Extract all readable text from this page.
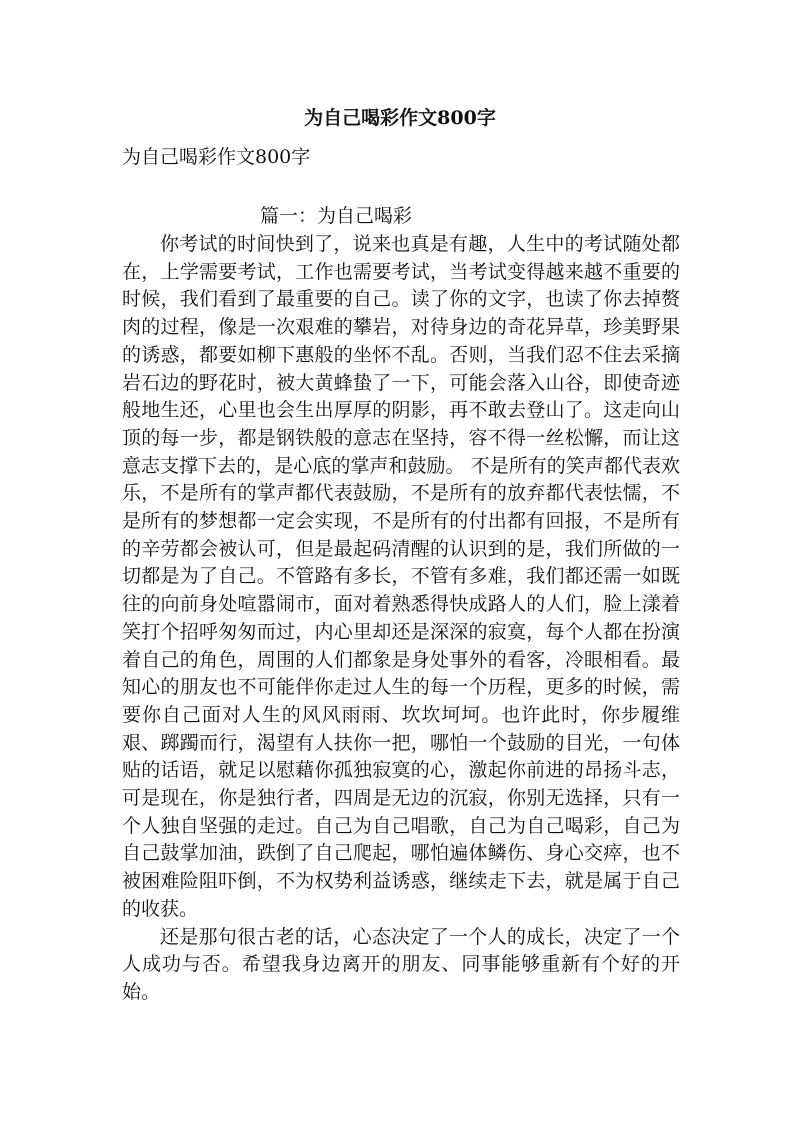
为自己喝彩作文800字
为自己喝彩作文800字
篇一：为自己喝彩

你考试的时间快到了，说来也真是有趣，人生中的考试随处都在，上学需要考试，工作也需要考试，当考试变得越来越不重要的时候，我们看到了最重要的自己。读了你的文字，也读了你去掉赘肉的过程，像是一次艰难的攀岩，对待身边的奇花异草，珍美野果的诱惑，都要如柳下惠般的坐怀不乱。否则，当我们忍不住去采摘岩石边的野花时，被大黄蜂蛰了一下，可能会落入山谷，即使奇迹般地生还，心里也会生出厚厚的阴影，再不敢去登山了。这走向山顶的每一步，都是钢铁般的意志在坚持，容不得一丝松懈，而让这意志支撑下去的，是心底的掌声和鼓励。 不是所有的笑声都代表欢乐，不是所有的掌声都代表鼓励，不是所有的放弃都代表怯懦，不是所有的梦想都一定会实现，不是所有的付出都有回报，不是所有的辛劳都会被认可，但是最起码清醒的认识到的是，我们所做的一切都是为了自己。不管路有多长，不管有多难，我们都还需一如既往的向前身处喧嚣闹市，面对着熟悉得快成路人的人们，脸上漾着笑打个招呼匆匆而过，内心里却还是深深的寂寞，每个人都在扮演着自己的角色，周围的人们都象是身处事外的看客，冷眼相看。最知心的朋友也不可能伴你走过人生的每一个历程，更多的时候，需要你自己面对人生的风风雨雨、坎坎坷坷。也许此时，你步履维艰、踯躅而行，渴望有人扶你一把，哪怕一个鼓励的目光，一句体贴的话语，就足以慰藉你孤独寂寞的心，激起你前进的昂扬斗志，可是现在，你是独行者，四周是无边的沉寂，你别无选择，只有一个人独自坚强的走过。自己为自己唱歌，自己为自己喝彩，自己为自己鼓掌加油，跌倒了自己爬起，哪怕遍体鳞伤、身心交瘁，也不被困难险阻吓倒，不为权势利益诱惑，继续走下去，就是属于自己的收获。

还是那句很古老的话，心态决定了一个人的成长，决定了一个人成功与否。希望我身边离开的朋友、同事能够重新有个好的开始。
